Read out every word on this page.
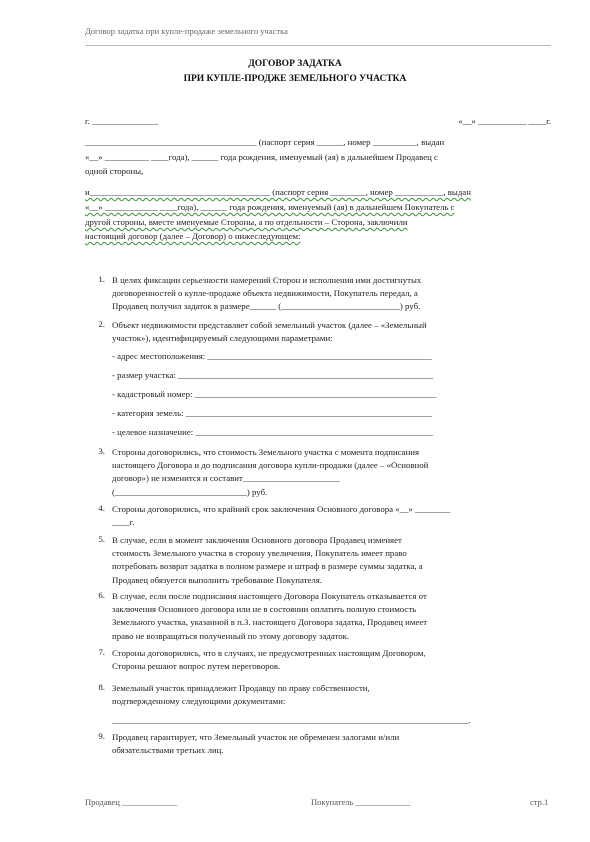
Договор задатка при купле-продаже земельного участка
ДОГОВОР ЗАДАТКА
ПРИ КУПЛЕ-ПРОДЖЕ ЗЕМЕЛЬНОГО УЧАСТКА
г. _______________	«__» ___________ ____г.
_______________________________________ (паспорт серия ______, номер __________, выдан
«__» __________ ____года), ______ года рождения, именуемый (ая) в дальнейшем Продавец с
одной стороны,
и_________________________________________ (паспорт серия ________, номер ___________, выдан
«__» ____________ ____года), ______ года рождения, именуемый (ая) в дальнейшем Покупатель с
другой стороны, вместе именуемые Стороны, а по отдельности – Сторона, заключили
настоящий договор (далее – Договор) о нижеследующем:
1. В целях фиксации серьезности намерений Сторон и исполнения ими достигнутых
договоренностей о купле-продаже объекта недвижимости, Покупатель передал, а
Продавец получил задаток в размере______ (___________________________) руб.
2. Объект недвижимости представляет собой земельный участок (далее – «Земельный
участок»), идентифицируемый следующими параметрами:
- адрес местоположения: ___________________________________________________
- размер участка: __________________________________________________________
- кадастровый номер: _______________________________________________________
- категория земель: ________________________________________________________
- целевое назначение: ______________________________________________________
3. Стороны договорились, что стоимость Земельного участка с момента подписания
настоящего Договора и до подписания договора купли-продажи (далее – «Основной
договор») не изменится и составит______________________
(______________________________) руб.
4. Стороны договорились, что крайний срок заключения Основного договора «__» ________
____г.
5. В случае, если в момент заключения Основного договора Продавец изменяет
стоимость Земельного участка в сторону увеличения, Покупатель имеет право
потребовать возврат задатка в полном размере и штраф в размере суммы задатка, а
Продавец обязуется выполнить требование Покупателя.
6. В случае, если после подписания настоящего Договора Покупатель отказывается от
заключения Основного договора или не в состоянии оплатить полную стоимость
Земельного участка, указанной в п.3. настоящего Договора задатка, Продавец имеет
право не возвращаться полученный по этому договору задаток.
7. Стороны договорились, что в случаях, не предусмотренных настоящим Договором,
Стороны решают вопрос путем переговоров.
8. Земельный участок принадлежит Продавцу по праву собственности,
подтвержденному следующими документами:
_________________________________________________________________________________.
9. Продавец гарантирует, что Земельный участок не обременен залогами и/или
обязательствами третьих лиц.
Продавец _____________	Покупатель _____________	стр.1
